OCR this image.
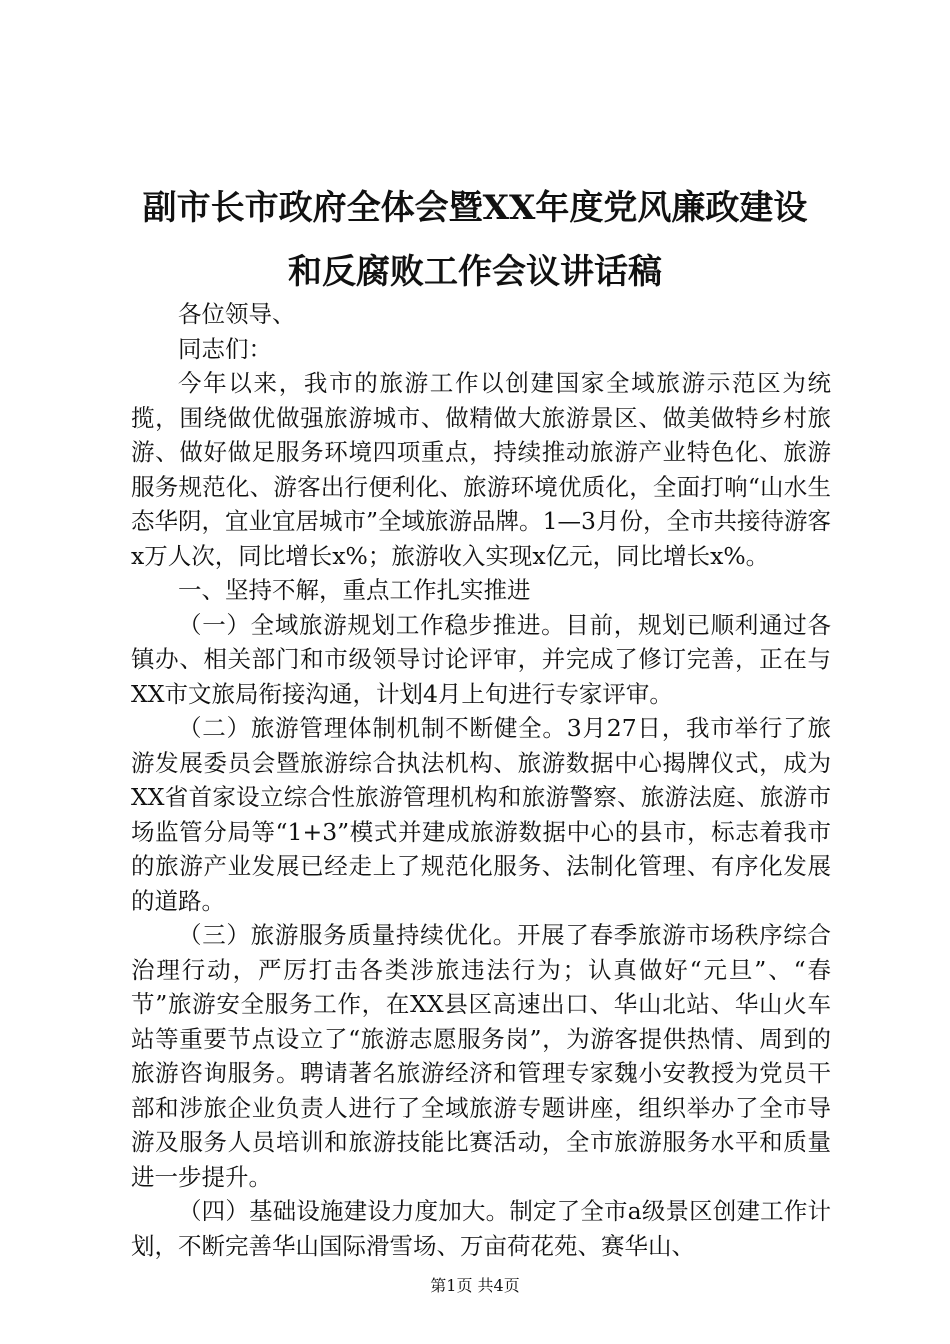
副市长市政府全体会暨XX年度党风廉政建设
和反腐败工作会议讲话稿

各位领导、

同志们：

今年以来，我市的旅游工作以创建国家全域旅游示范区为统揽，围绕做优做强旅游城市、做精做大旅游景区、做美做特乡村旅游、做好做足服务环境四项重点，持续推动旅游产业特色化、旅游服务规范化、游客出行便利化、旅游环境优质化，全面打响“山水生态华阴，宜业宜居城市”全域旅游品牌。1—3月份，全市共接待游客x万人次，同比增长x%；旅游收入实现x亿元，同比增长x%。

一、坚持不解，重点工作扎实推进

（一）全域旅游规划工作稳步推进。目前，规划已顺利通过各镇办、相关部门和市级领导讨论评审，并完成了修订完善，正在与XX市文旅局衔接沟通，计划4月上旬进行专家评审。

（二）旅游管理体制机制不断健全。3月27日，我市举行了旅游发展委员会暨旅游综合执法机构、旅游数据中心揭牌仪式，成为XX省首家设立综合性旅游管理机构和旅游警察、旅游法庭、旅游市场监管分局等“1+3”模式并建成旅游数据中心的县市，标志着我市的旅游产业发展已经走上了规范化服务、法制化管理、有序化发展的道路。

（三）旅游服务质量持续优化。开展了春季旅游市场秩序综合治理行动，严厉打击各类涉旅违法行为；认真做好“元旦”、“春节”旅游安全服务工作，在XX县区高速出口、华山北站、华山火车站等重要节点设立了“旅游志愿服务岗”，为游客提供热情、周到的旅游咨询服务。聘请著名旅游经济和管理专家魏小安教授为党员干部和涉旅企业负责人进行了全域旅游专题讲座，组织举办了全市导游及服务人员培训和旅游技能比赛活动，全市旅游服务水平和质量进一步提升。

（四）基础设施建设力度加大。制定了全市a级景区创建工作计划，不断完善华山国际滑雪场、万亩荷花苑、赛华山、

第1页 共4页
